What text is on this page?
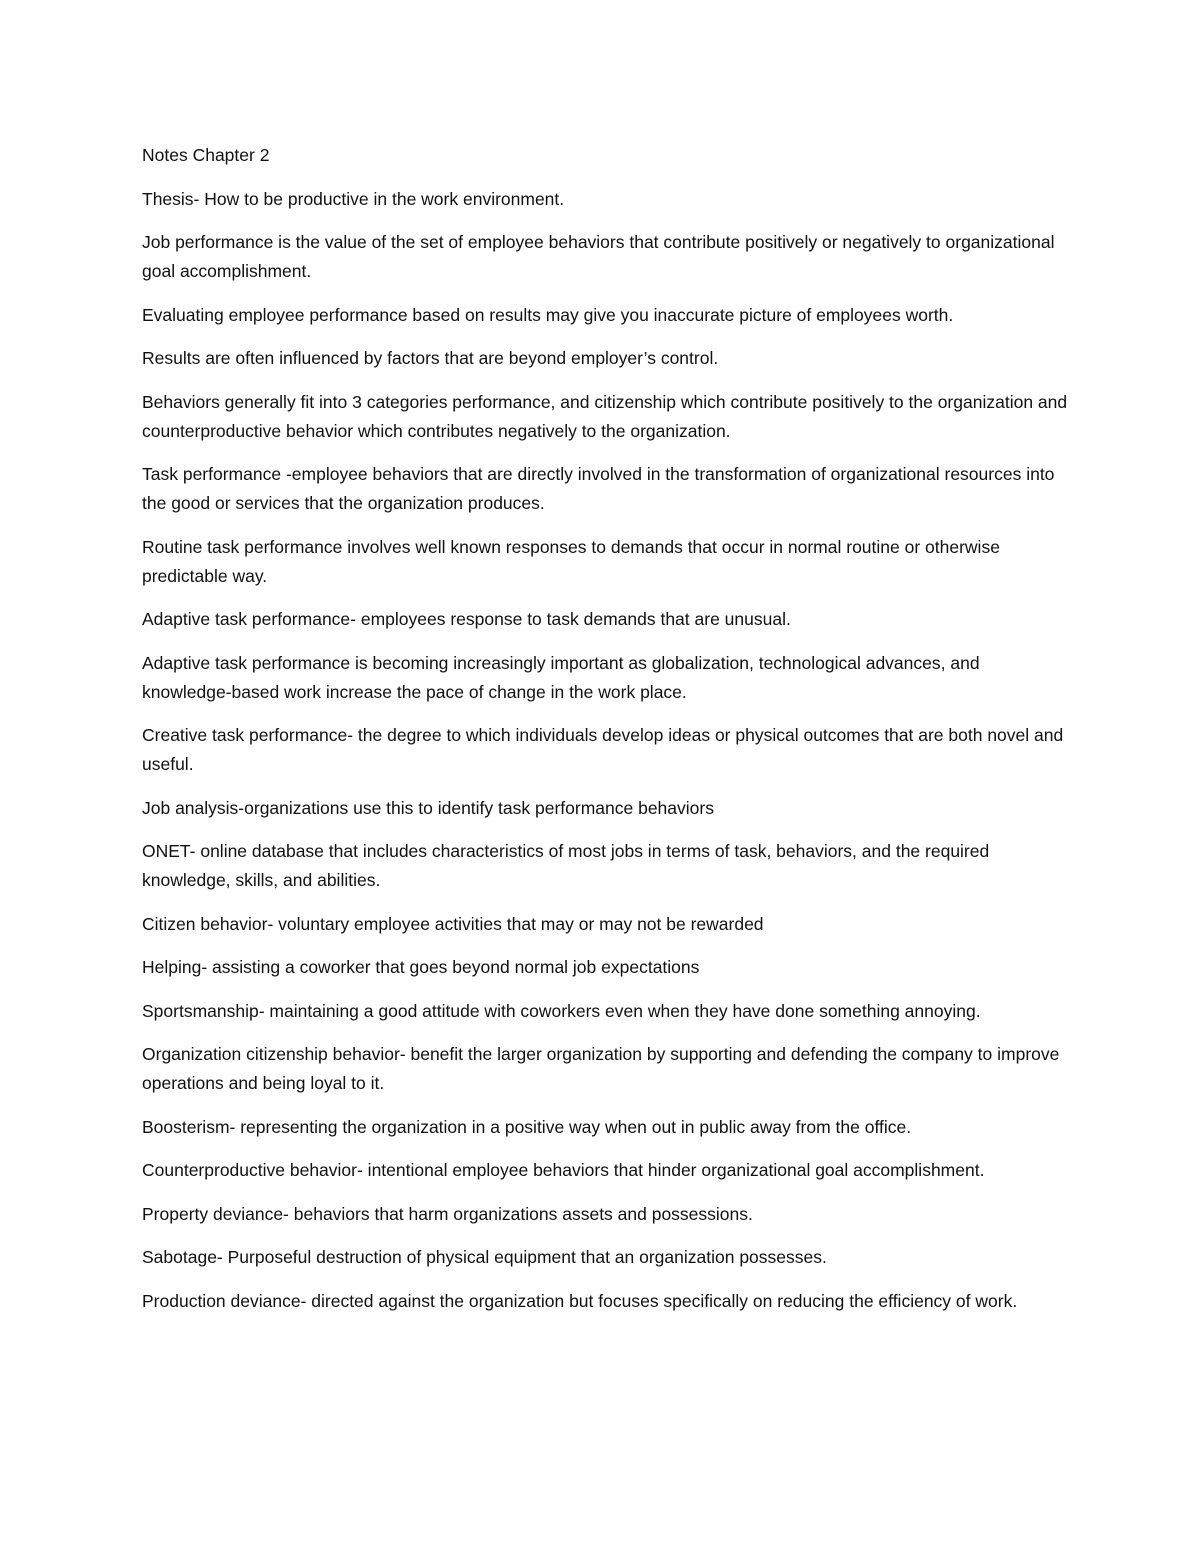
Notes Chapter 2

Thesis- How to be productive in the work environment.

Job performance is the value of the set of employee behaviors that contribute positively or negatively to organizational goal accomplishment.

Evaluating employee performance based on results may give you inaccurate picture of employees worth.

Results are often influenced by factors that are beyond employer’s control.

Behaviors generally fit into 3 categories performance, and citizenship which contribute positively to the organization and counterproductive behavior which contributes negatively to the organization.

Task performance -employee behaviors that are directly involved in the transformation of organizational resources into the good or services that the organization produces.

Routine task performance involves well known responses to demands that occur in normal routine or otherwise predictable way.

Adaptive task performance- employees response to task demands that are unusual.

Adaptive task performance is becoming increasingly important as globalization, technological advances, and knowledge-based work increase the pace of change in the work place.

Creative task performance- the degree to which individuals develop ideas or physical outcomes that are both novel and useful.

Job analysis-organizations use this to identify task performance behaviors

ONET- online database that includes characteristics of most jobs in terms of task, behaviors, and the required knowledge, skills, and abilities.

Citizen behavior- voluntary employee activities that may or may not be rewarded

Helping- assisting a coworker that goes beyond normal job expectations

Sportsmanship- maintaining a good attitude with coworkers even when they have done something annoying.

Organization citizenship behavior- benefit the larger organization by supporting and defending the company to improve operations and being loyal to it.

Boosterism- representing the organization in a positive way when out in public away from the office.

Counterproductive behavior- intentional employee behaviors that hinder organizational goal accomplishment.

Property deviance- behaviors that harm organizations assets and possessions.

Sabotage- Purposeful destruction of physical equipment that an organization possesses.

Production deviance- directed against the organization but focuses specifically on reducing the efficiency of work.
